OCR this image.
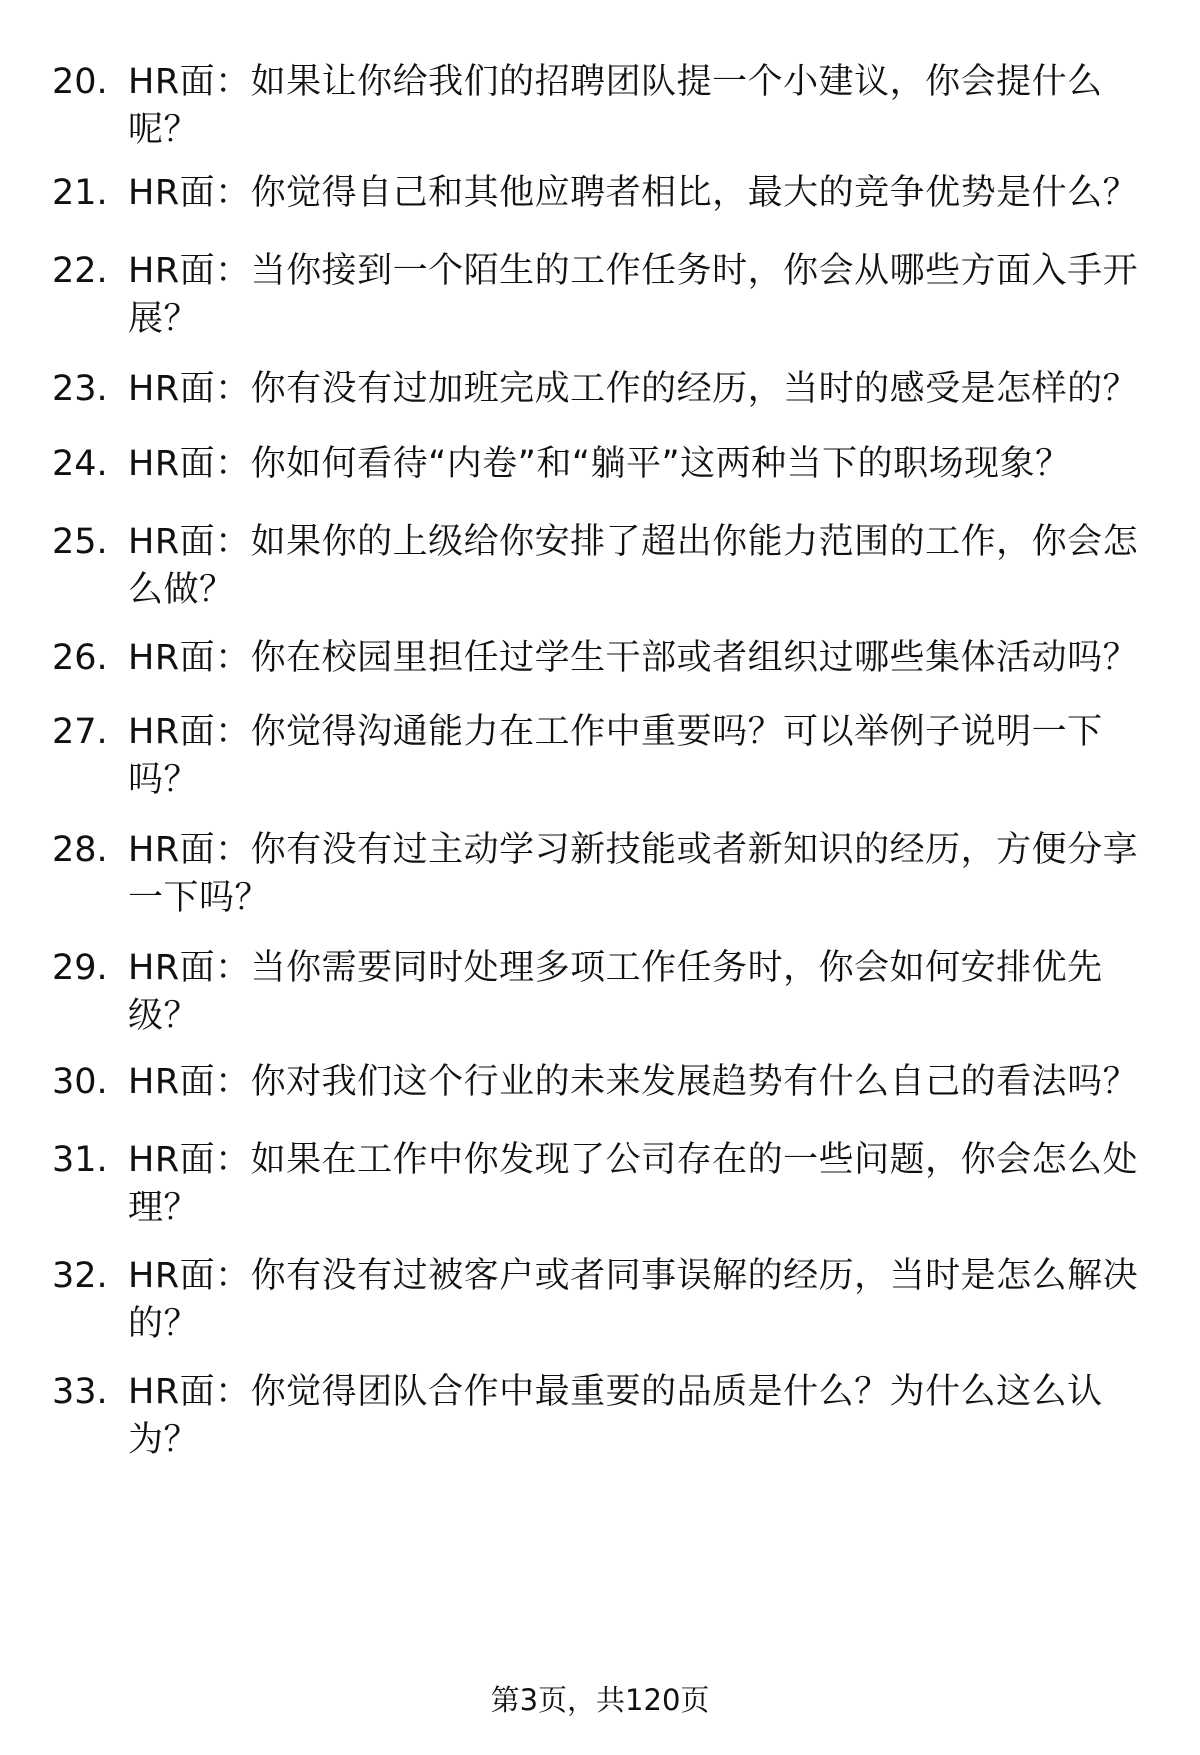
20. HR面：如果让你给我们的招聘团队提一个小建议，你会提什么呢？
21. HR面：你觉得自己和其他应聘者相比，最大的竞争优势是什么？
22. HR面：当你接到一个陌生的工作任务时，你会从哪些方面入手开展？
23. HR面：你有没有过加班完成工作的经历，当时的感受是怎样的？
24. HR面：你如何看待“内卷”和“躺平”这两种当下的职场现象？
25. HR面：如果你的上级给你安排了超出你能力范围的工作，你会怎么做？
26. HR面：你在校园里担任过学生干部或者组织过哪些集体活动吗？
27. HR面：你觉得沟通能力在工作中重要吗？可以举例子说明一下吗？
28. HR面：你有没有过主动学习新技能或者新知识的经历，方便分享一下吗？
29. HR面：当你需要同时处理多项工作任务时，你会如何安排优先级？
30. HR面：你对我们这个行业的未来发展趋势有什么自己的看法吗？
31. HR面：如果在工作中你发现了公司存在的一些问题，你会怎么处理？
32. HR面：你有没有过被客户或者同事误解的经历，当时是怎么解决的？
33. HR面：你觉得团队合作中最重要的品质是什么？为什么这么认为？
第3页，共120页
